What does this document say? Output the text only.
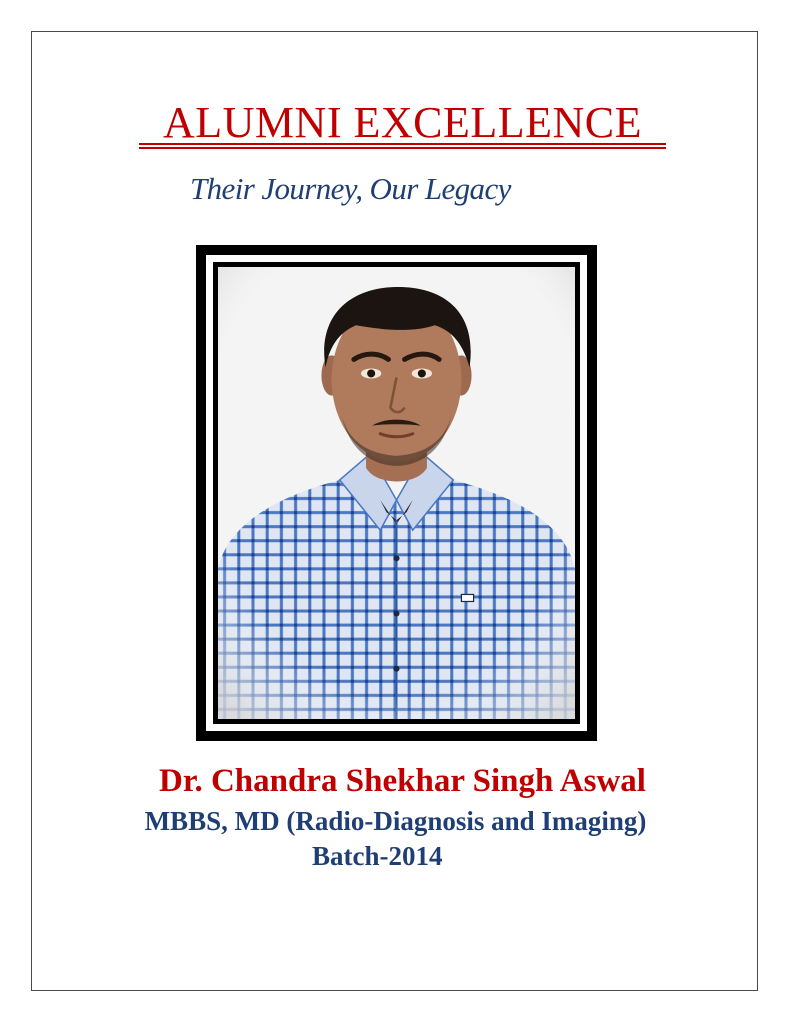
ALUMNI EXCELLENCE

Their Journey, Our Legacy

Dr. Chandra Shekhar Singh Aswal

MBBS, MD (Radio-Diagnosis and Imaging)

Batch-2014
